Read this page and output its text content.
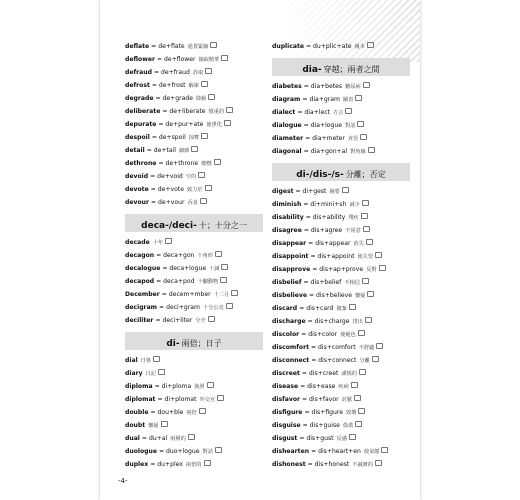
deflate = de+flate 通貨緊縮
deflower = de+flower 摘取精華
defraud = de+fraud 詐取
defrost = de+frost 解凍
degrade = de+grade 降級
deliberate = de+liberate 慎重的
depurate = de+pur+ate 使淨化
despoil = de+spoil 掠奪
detail = de+tail 細節
dethrone = de+throne 廢黜
devoid = de+void 空的
devote = de+vote 致力於
devour = de+vour 吞食
deca-/deci- 十；十分之一
decade 十年
decagon = deca+gon 十角形
decalogue = deca+logue 十誡
decapod = deca+pod 十腳動物
December = decem+mber 十二月
decigram = deci+gram 十分公克
deciliter = deci+liter 分升
di- 兩倍；日子
dial 日晷
diary 日記
diploma = di+ploma 執照
diplomat = di+plomat 外交官
double = dou+ble 兩倍
doubt 懷疑
dual = du+al 兩層的
duologue = duo+logue 對話
duplex = du+plex 兩倍的
duplicate = du+plic+ate 複本
dia- 穿越；兩者之間
diabetes = dia+betes 糖尿病
diagram = dia+gram 圖表
dialect = dia+lect 方言
dialogue = dia+logue 對話
diameter = dia+meter 直徑
diagonal = dia+gon+al 對角線
di-/dis-/s- 分離；否定
digest = di+gest 摘要
diminish = di+mini+sh 減少
disability = dis+ability 殘疾
disagree = dis+agree 不同意
disappear = dis+appear 消失
disappoint = dis+appoint 使失望
disapprove = dis+ap+prove 反對
disbelief = dis+belief 不相信
disbelieve = dis+believe 懷疑
discard = dis+card 拋棄
discharge = dis+charge 排出
discolor = dis+color 使褪色
discomfort = dis+comfort 不舒適
disconnect = dis+connect 分離
discreet = dis+creet 謹慎的
disease = dis+ease 疾病
disfavor = dis+favor 討厭
disfigure = dis+figure 毀壞
disguise = dis+guise 偽裝
disgust = dis+gust 反感
dishearten = dis+heart+en 使氣餒
dishonest = dis+honest 不誠實的
-4-
